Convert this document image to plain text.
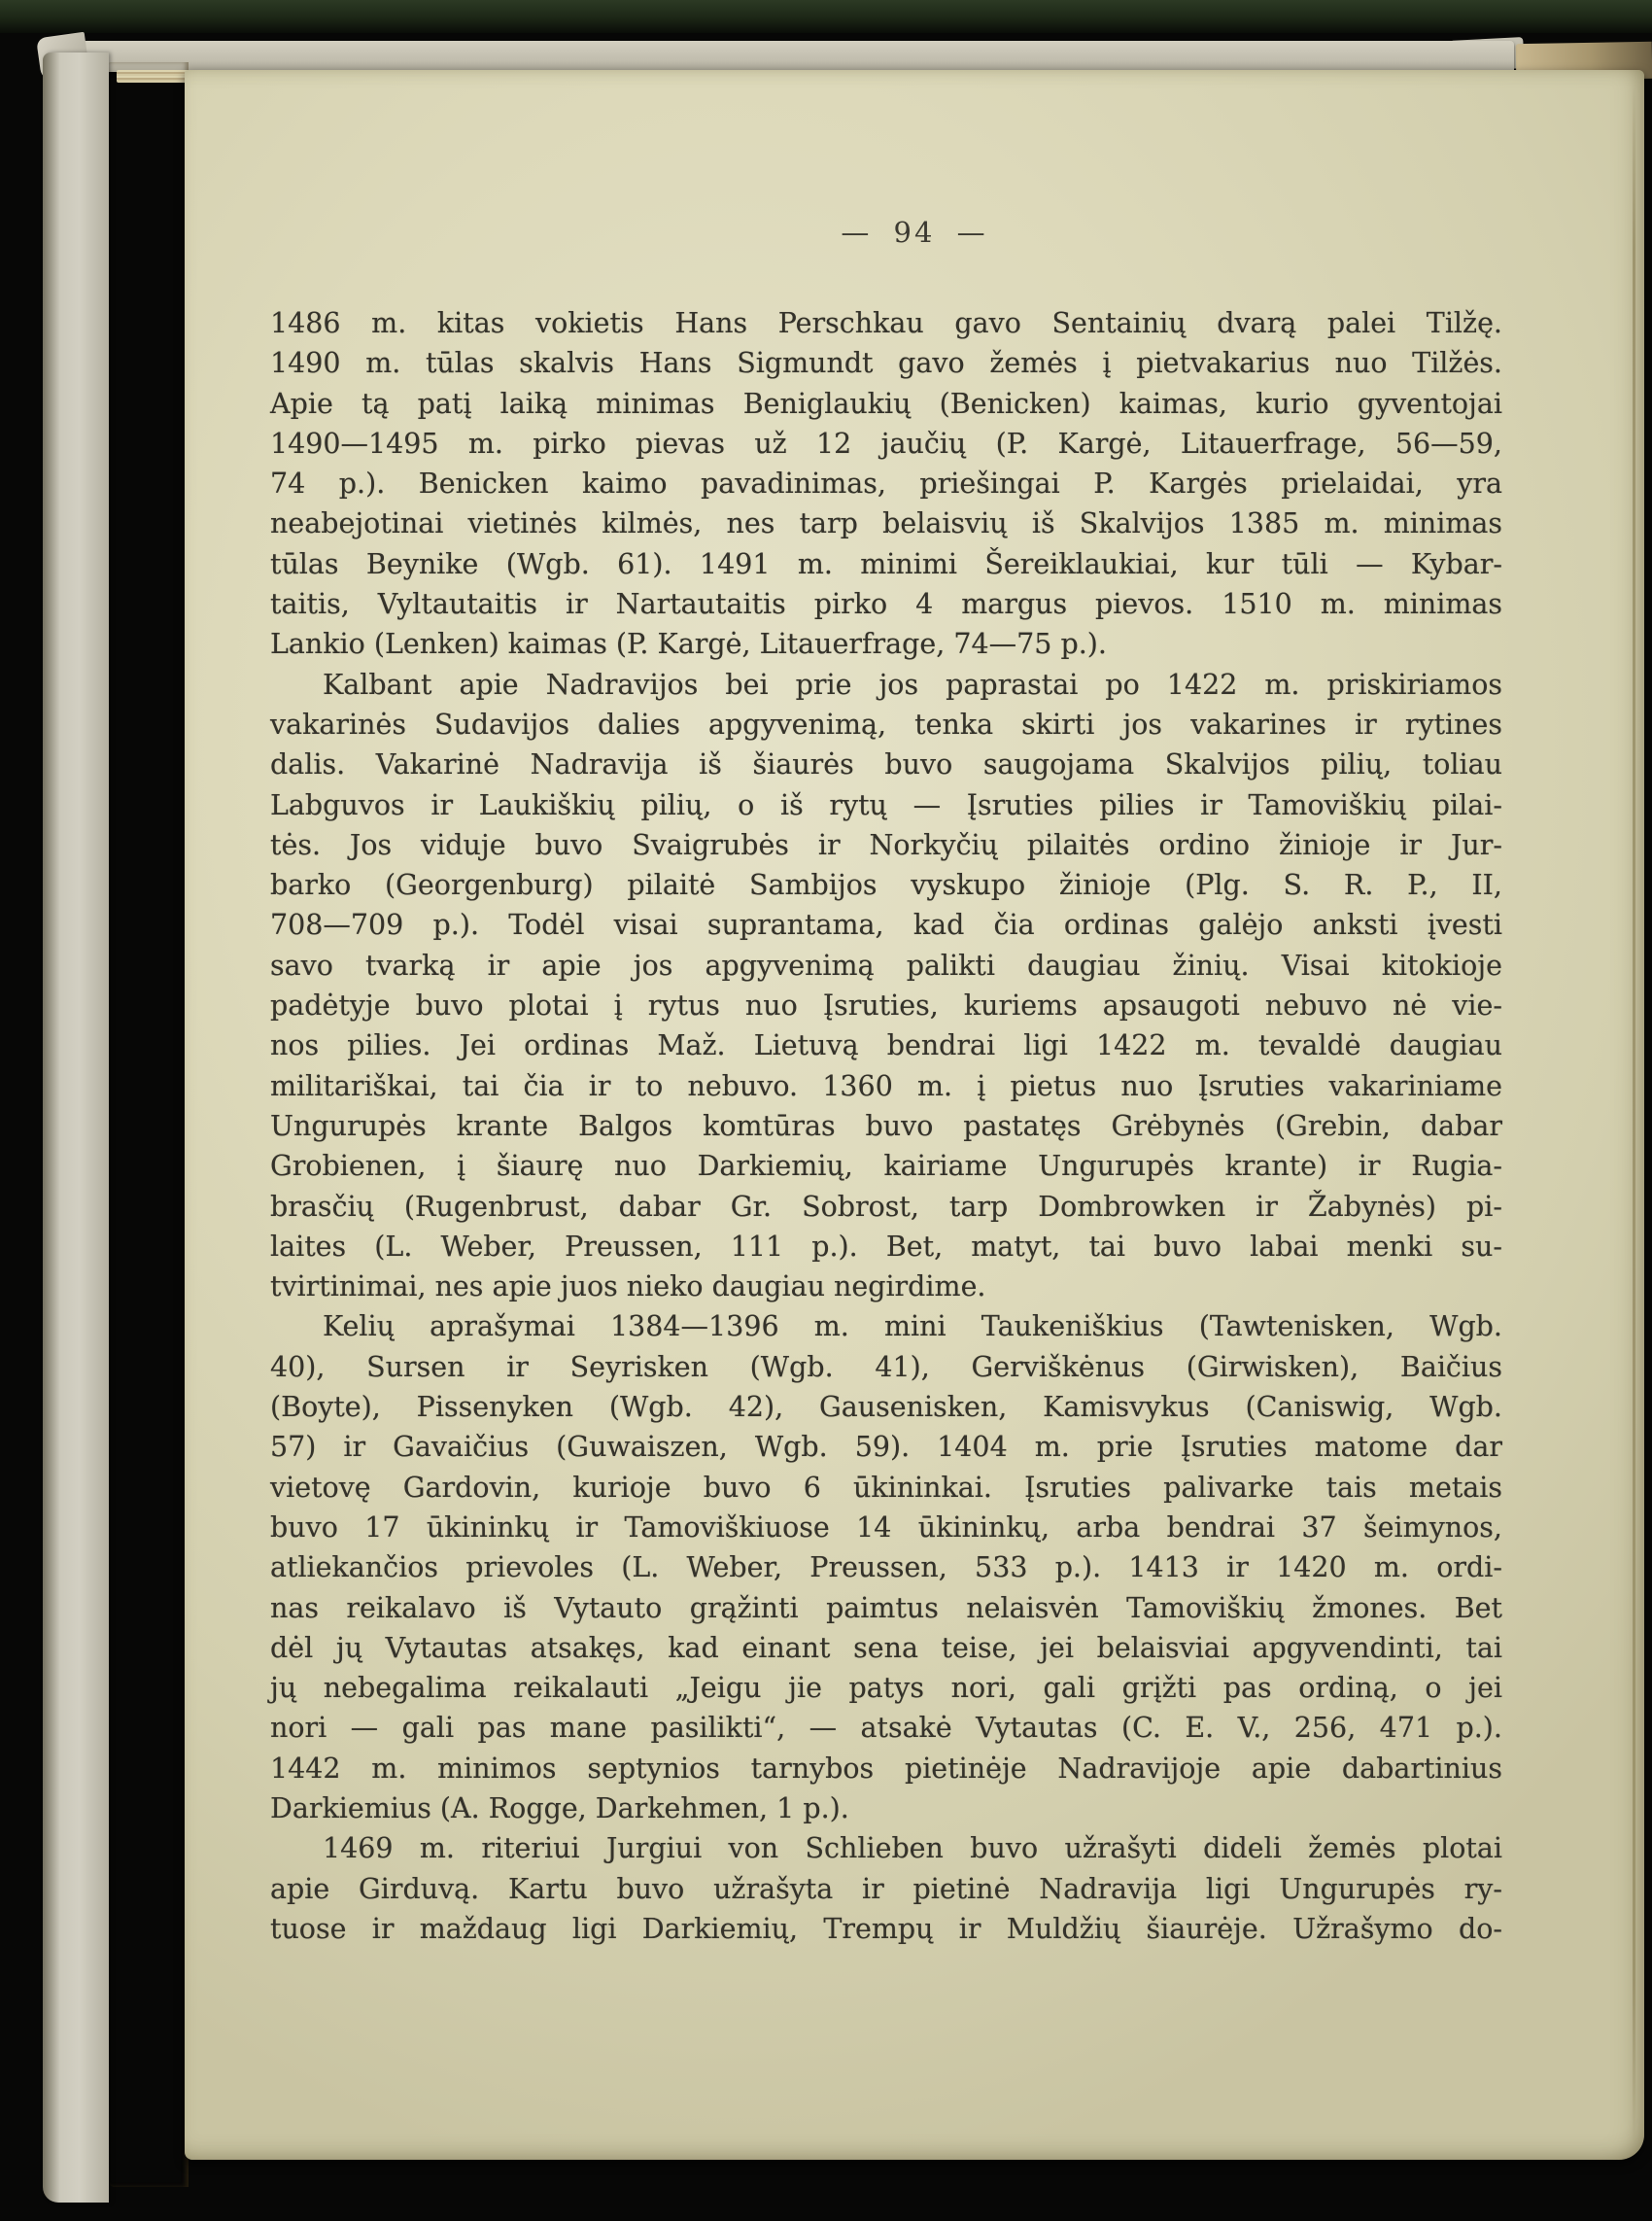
— 94 —
1486 m. kitas vokietis Hans Perschkau gavo Sentainių dvarą palei Tilžę.
1490 m. tūlas skalvis Hans Sigmundt gavo žemės į pietvakarius nuo Tilžės.
Apie tą patį laiką minimas Beniglaukių (Benicken) kaimas, kurio gyventojai
1490—1495 m. pirko pievas už 12 jaučių (P. Kargė, Litauerfrage, 56—59,
74 p.). Benicken kaimo pavadinimas, priešingai P. Kargės prielaidai, yra
neabejotinai vietinės kilmės, nes tarp belaisvių iš Skalvijos 1385 m. minimas
tūlas Beynike (Wgb. 61). 1491 m. minimi Šereiklaukiai, kur tūli — Kybar-
taitis, Vyltautaitis ir Nartautaitis pirko 4 margus pievos. 1510 m. minimas
Lankio (Lenken) kaimas (P. Kargė, Litauerfrage, 74—75 p.).
Kalbant apie Nadravijos bei prie jos paprastai po 1422 m. priskiriamos
vakarinės Sudavijos dalies apgyvenimą, tenka skirti jos vakarines ir rytines
dalis. Vakarinė Nadravija iš šiaurės buvo saugojama Skalvijos pilių, toliau
Labguvos ir Laukiškių pilių, o iš rytų — Įsruties pilies ir Tamoviškių pilai-
tės. Jos viduje buvo Svaigrubės ir Norkyčių pilaitės ordino žinioje ir Jur-
barko (Georgenburg) pilaitė Sambijos vyskupo žinioje (Plg. S. R. P., II,
708—709 p.). Todėl visai suprantama, kad čia ordinas galėjo anksti įvesti
savo tvarką ir apie jos apgyvenimą palikti daugiau žinių. Visai kitokioje
padėtyje buvo plotai į rytus nuo Įsruties, kuriems apsaugoti nebuvo nė vie-
nos pilies. Jei ordinas Maž. Lietuvą bendrai ligi 1422 m. tevaldė daugiau
militariškai, tai čia ir to nebuvo. 1360 m. į pietus nuo Įsruties vakariniame
Ungurupės krante Balgos komtūras buvo pastatęs Grėbynės (Grebin, dabar
Grobienen, į šiaurę nuo Darkiemių, kairiame Ungurupės krante) ir Rugia-
brasčių (Rugenbrust, dabar Gr. Sobrost, tarp Dombrowken ir Žabynės) pi-
laites (L. Weber, Preussen, 111 p.). Bet, matyt, tai buvo labai menki su-
tvirtinimai, nes apie juos nieko daugiau negirdime.
Kelių aprašymai 1384—1396 m. mini Taukeniškius (Tawtenisken, Wgb.
40), Sursen ir Seyrisken (Wgb. 41), Gerviškėnus (Girwisken), Baičius
(Boyte), Pissenyken (Wgb. 42), Gausenisken, Kamisvykus (Caniswig, Wgb.
57) ir Gavaičius (Guwaiszen, Wgb. 59). 1404 m. prie Įsruties matome dar
vietovę Gardovin, kurioje buvo 6 ūkininkai. Įsruties palivarke tais metais
buvo 17 ūkininkų ir Tamoviškiuose 14 ūkininkų, arba bendrai 37 šeimynos,
atliekančios prievoles (L. Weber, Preussen, 533 p.). 1413 ir 1420 m. ordi-
nas reikalavo iš Vytauto grąžinti paimtus nelaisvėn Tamoviškių žmones. Bet
dėl jų Vytautas atsakęs, kad einant sena teise, jei belaisviai apgyvendinti, tai
jų nebegalima reikalauti „Jeigu jie patys nori, gali grįžti pas ordiną, o jei
nori — gali pas mane pasilikti“, — atsakė Vytautas (C. E. V., 256, 471 p.).
1442 m. minimos septynios tarnybos pietinėje Nadravijoje apie dabartinius
Darkiemius (A. Rogge, Darkehmen, 1 p.).
1469 m. riteriui Jurgiui von Schlieben buvo užrašyti dideli žemės plotai
apie Girduvą. Kartu buvo užrašyta ir pietinė Nadravija ligi Ungurupės ry-
tuose ir maždaug ligi Darkiemių, Trempų ir Muldžių šiaurėje. Užrašymo do-
